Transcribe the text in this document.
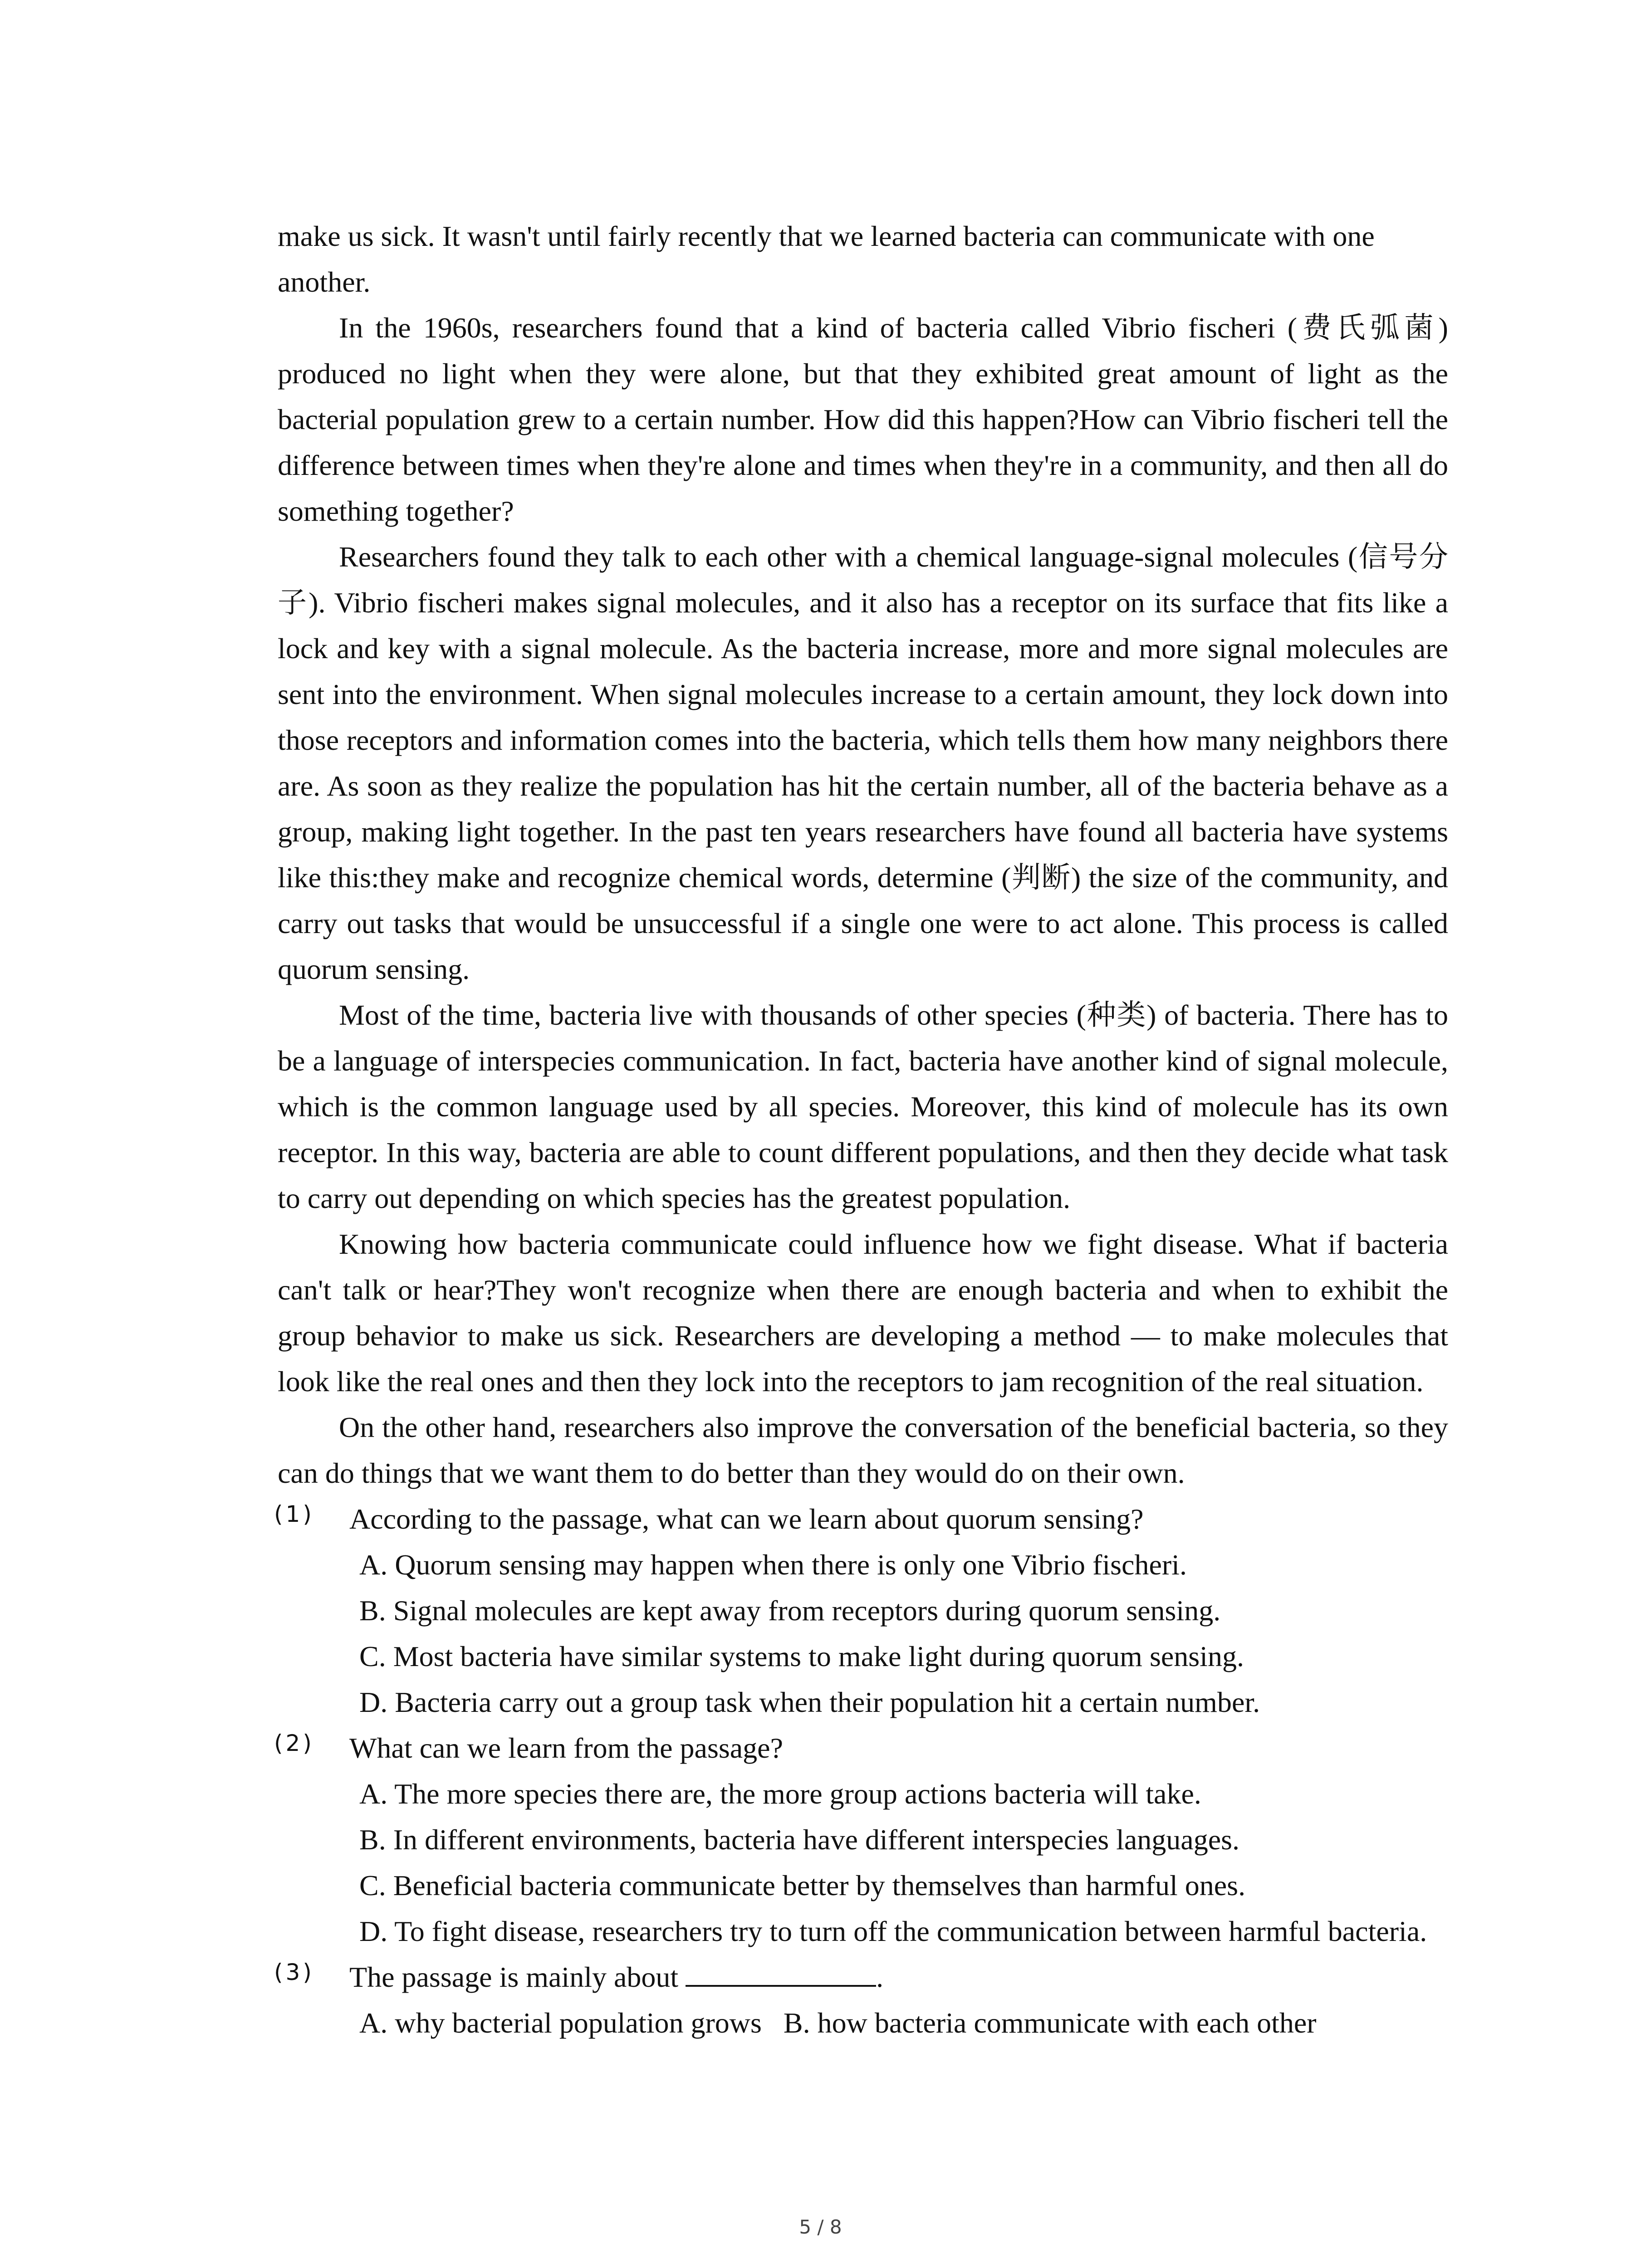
make us sick. It wasn't until fairly recently that we learned bacteria can communicate with one another.

In the 1960s, researchers found that a kind of bacteria called Vibrio fischeri (费氏弧菌) produced no light when they were alone, but that they exhibited great amount of light as the bacterial population grew to a certain number. How did this happen?How can Vibrio fischeri tell the difference between times when they're alone and times when they're in a community, and then all do something together?

Researchers found they talk to each other with a chemical language-signal molecules (信号分子). Vibrio fischeri makes signal molecules, and it also has a receptor on its surface that fits like a lock and key with a signal molecule. As the bacteria increase, more and more signal molecules are sent into the environment. When signal molecules increase to a certain amount, they lock down into those receptors and information comes into the bacteria, which tells them how many neighbors there are. As soon as they realize the population has hit the certain number, all of the bacteria behave as a group, making light together. In the past ten years researchers have found all bacteria have systems like this:they make and recognize chemical words, determine (判断) the size of the community, and carry out tasks that would be unsuccessful if a single one were to act alone. This process is called quorum sensing.

Most of the time, bacteria live with thousands of other species (种类) of bacteria. There has to be a language of interspecies communication. In fact, bacteria have another kind of signal molecule, which is the common language used by all species. Moreover, this kind of molecule has its own receptor. In this way, bacteria are able to count different populations, and then they decide what task to carry out depending on which species has the greatest population.

Knowing how bacteria communicate could influence how we fight disease. What if bacteria can't talk or hear?They won't recognize when there are enough bacteria and when to exhibit the group behavior to make us sick. Researchers are developing a method — to make molecules that look like the real ones and then they lock into the receptors to jam recognition of the real situation.

On the other hand, researchers also improve the conversation of the beneficial bacteria, so they can do things that we want them to do better than they would do on their own.

(1) According to the passage, what can we learn about quorum sensing?
A. Quorum sensing may happen when there is only one Vibrio fischeri.
B. Signal molecules are kept away from receptors during quorum sensing.
C. Most bacteria have similar systems to make light during quorum sensing.
D. Bacteria carry out a group task when their population hit a certain number.
(2) What can we learn from the passage?
A. The more species there are, the more group actions bacteria will take.
B. In different environments, bacteria have different interspecies languages.
C. Beneficial bacteria communicate better by themselves than harmful ones.
D. To fight disease, researchers try to turn off the communication between harmful bacteria.
(3) The passage is mainly about	.
A. why bacterial population grows   B. how bacteria communicate with each other
5 / 8
